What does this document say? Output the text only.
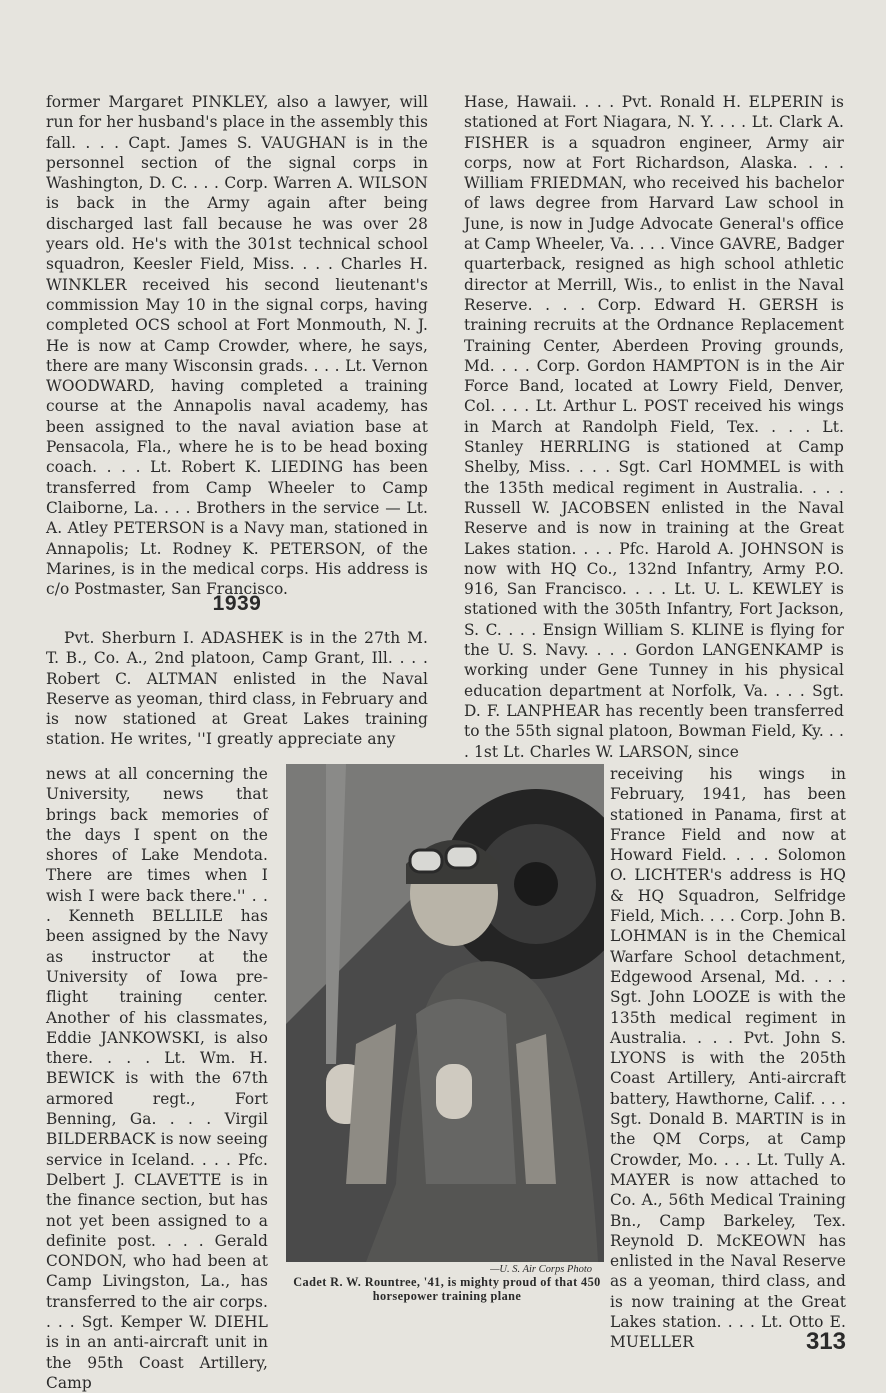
former Margaret PINKLEY, also a lawyer, will run for her husband's place in the assembly this fall. . . . Capt. James S. VAUGHAN is in the personnel section of the signal corps in Washington, D. C. . . . Corp. Warren A. WILSON is back in the Army again after being discharged last fall because he was over 28 years old. He's with the 301st technical school squadron, Keesler Field, Miss. . . . Charles H. WINKLER received his second lieutenant's commission May 10 in the signal corps, having completed OCS school at Fort Monmouth, N. J. He is now at Camp Crowder, where, he says, there are many Wisconsin grads. . . . Lt. Vernon WOODWARD, having completed a training course at the Annapolis naval academy, has been assigned to the naval aviation base at Pensacola, Fla., where he is to be head boxing coach. . . . Lt. Robert K. LIEDING has been transferred from Camp Wheeler to Camp Claiborne, La. . . . Brothers in the service — Lt. A. Atley PETERSON is a Navy man, stationed in Annapolis; Lt. Rodney K. PETERSON, of the Marines, is in the medical corps. His address is c/o Postmaster, San Francisco.

1939

Pvt. Sherburn I. ADASHEK is in the 27th M. T. B., Co. A., 2nd platoon, Camp Grant, Ill. . . . Robert C. ALTMAN enlisted in the Naval Reserve as yeoman, third class, in February and is now stationed at Great Lakes training station. He writes, ''I greatly appreciate any

news at all concerning the University, news that brings back memories of the days I spent on the shores of Lake Mendota. There are times when I wish I were back there.'' . . . Kenneth BELLILE has been assigned by the Navy as instructor at the University of Iowa pre-flight training center. Another of his classmates, Eddie JANKOWSKI, is also there. . . . Lt. Wm. H. BEWICK is with the 67th armored regt., Fort Benning, Ga. . . . Virgil BILDERBACK is now seeing service in Iceland. . . . Pfc. Delbert J. CLAVETTE is in the finance section, but has not yet been assigned to a definite post. . . . Gerald CONDON, who had been at Camp Livingston, La., has transferred to the air corps. . . . Sgt. Kemper W. DIEHL is in an anti-aircraft unit in the 95th Coast Artillery, Camp

—U. S. Air Corps Photo
Cadet R. W. Rountree, '41, is mighty proud of that 450 horsepower training plane

Hase, Hawaii. . . . Pvt. Ronald H. ELPERIN is stationed at Fort Niagara, N. Y. . . . Lt. Clark A. FISHER is a squadron engineer, Army air corps, now at Fort Richardson, Alaska. . . . William FRIEDMAN, who received his bachelor of laws degree from Harvard Law school in June, is now in Judge Advocate General's office at Camp Wheeler, Va. . . . Vince GAVRE, Badger quarterback, resigned as high school athletic director at Merrill, Wis., to enlist in the Naval Reserve. . . . Corp. Edward H. GERSH is training recruits at the Ordnance Replacement Training Center, Aberdeen Proving grounds, Md. . . . Corp. Gordon HAMPTON is in the Air Force Band, located at Lowry Field, Denver, Col. . . . Lt. Arthur L. POST received his wings in March at Randolph Field, Tex. . . . Lt. Stanley HERRLING is stationed at Camp Shelby, Miss. . . . Sgt. Carl HOMMEL is with the 135th medical regiment in Australia. . . . Russell W. JACOBSEN enlisted in the Naval Reserve and is now in training at the Great Lakes station. . . . Pfc. Harold A. JOHNSON is now with HQ Co., 132nd Infantry, Army P.O. 916, San Francisco. . . . Lt. U. L. KEWLEY is stationed with the 305th Infantry, Fort Jackson, S. C. . . . Ensign William S. KLINE is flying for the U. S. Navy. . . . Gordon LANGENKAMP is working under Gene Tunney in his physical education department at Norfolk, Va. . . . Sgt. D. F. LANPHEAR has recently been transferred to the 55th signal platoon, Bowman Field, Ky. . . . 1st Lt. Charles W. LARSON, since

receiving his wings in February, 1941, has been stationed in Panama, first at France Field and now at Howard Field. . . . Solomon O. LICHTER's address is HQ & HQ Squadron, Selfridge Field, Mich. . . . Corp. John B. LOHMAN is in the Chemical Warfare School detachment, Edgewood Arsenal, Md. . . . Sgt. John LOOZE is with the 135th medical regiment in Australia. . . . Pvt. John S. LYONS is with the 205th Coast Artillery, Anti-aircraft battery, Hawthorne, Calif. . . . Sgt. Donald B. MARTIN is in the QM Corps, at Camp Crowder, Mo. . . . Lt. Tully A. MAYER is now attached to Co. A., 56th Medical Training Bn., Camp Barkeley, Tex. Reynold D. McKEOWN has enlisted in the Naval Reserve as a yeoman, third class, and is now training at the Great Lakes station. . . . Lt. Otto E. MUELLER	313
